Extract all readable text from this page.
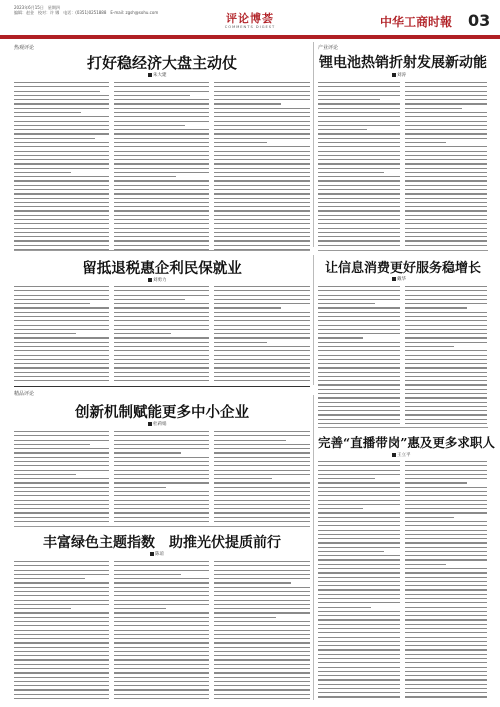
2023年6月15日　星期四
编辑：赵金　校对：许 娜　电话：(0351)0251888　E-mail: zgsh@sohu.com	评论博荟
COMMENTS DIGEST	中华工商时報 03
热观评论	产业评论
精品评论
打好稳经济大盘主动仗
朱大建
锂电池热销折射发展新动能
刘涛
留抵退税惠企利民保就业
刘勇力
让信息消费更好服务稳增长
戴华
创新机制赋能更多中小企业
杜莉娟
完善“直播带岗”惠及更多求职人
王立平
丰富绿色主题指数　助推光伏提质前行
陈谊
